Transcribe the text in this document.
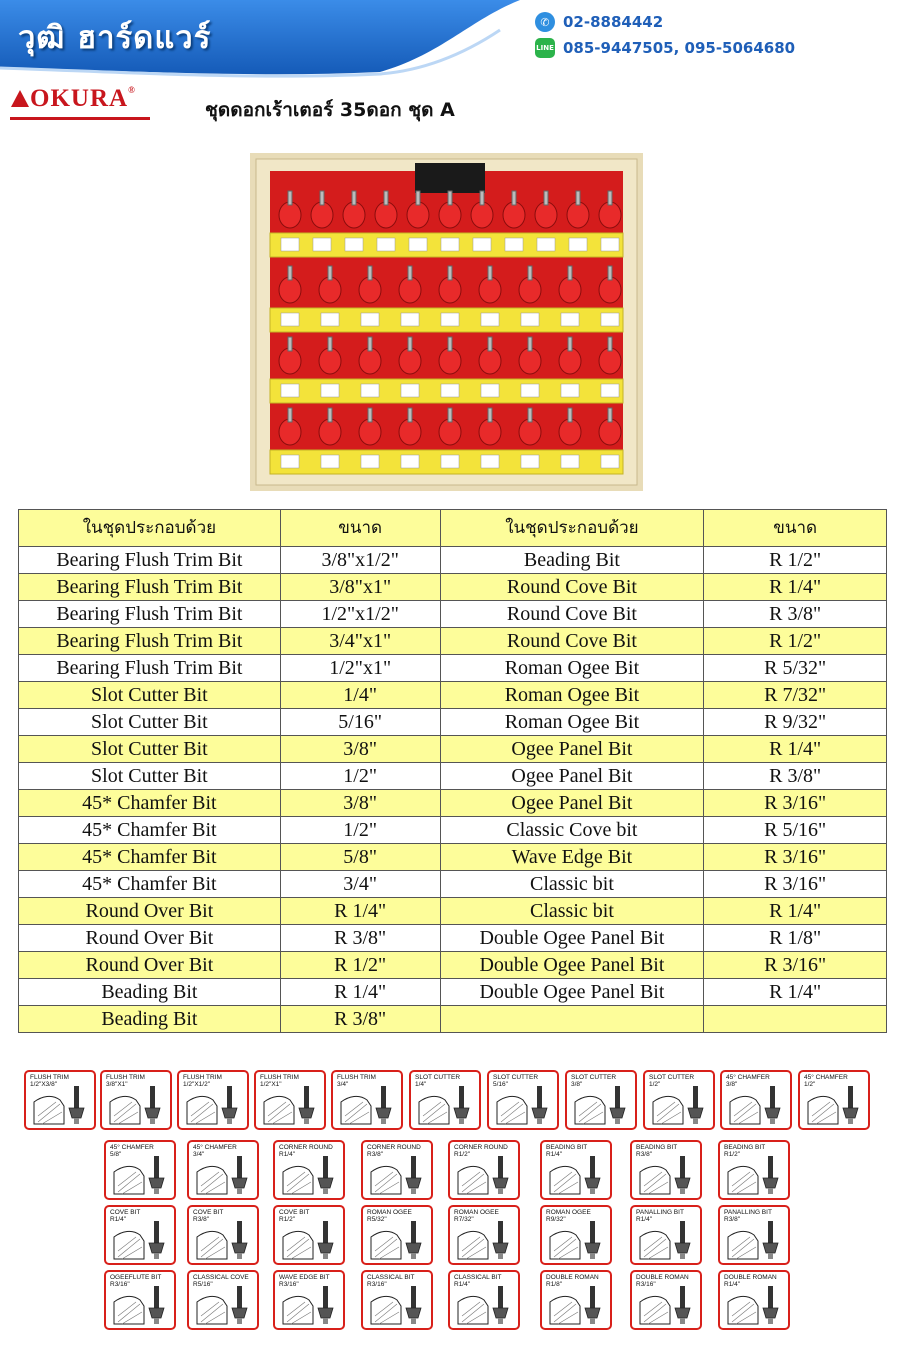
วุฒิ ฮาร์ดแวร์	✆ 02-8884442
LINE 085-9447505, 095-5064680
OKURA®
ชุดดอกเร้าเตอร์ 35ดอก ชุด A
ในชุดประกอบด้วย	ขนาด	ในชุดประกอบด้วย	ขนาด
Bearing Flush Trim Bit	3/8"x1/2"	Beading Bit	R 1/2"
Bearing Flush Trim Bit	3/8"x1"	Round Cove Bit	R 1/4"
Bearing Flush Trim Bit	1/2"x1/2"	Round Cove Bit	R 3/8"
Bearing Flush Trim Bit	3/4"x1"	Round Cove Bit	R 1/2"
Bearing Flush Trim Bit	1/2"x1"	Roman Ogee Bit	R 5/32"
Slot Cutter Bit	1/4"	Roman Ogee Bit	R 7/32"
Slot Cutter Bit	5/16"	Roman Ogee Bit	R 9/32"
Slot Cutter Bit	3/8"	Ogee Panel Bit	R 1/4"
Slot Cutter Bit	1/2"	Ogee Panel Bit	R 3/8"
45* Chamfer Bit	3/8"	Ogee Panel Bit	R 3/16"
45* Chamfer Bit	1/2"	Classic Cove bit	R 5/16"
45* Chamfer Bit	5/8"	Wave Edge Bit	R 3/16"
45* Chamfer Bit	3/4"	Classic bit	R 3/16"
Round Over Bit	R 1/4"	Classic bit	R 1/4"
Round Over Bit	R 3/8"	Double Ogee Panel Bit	R 1/8"
Round Over Bit	R 1/2"	Double Ogee Panel Bit	R 3/16"
Beading Bit	R 1/4"	Double Ogee Panel Bit	R 1/4"
Beading Bit	R 3/8"		
FLUSH TRIM
1/2"X3/8"
FLUSH TRIM
3/8"X1"
FLUSH TRIM
1/2"X1/2"
FLUSH TRIM
1/2"X1"
FLUSH TRIM
3/4"
SLOT CUTTER
1/4"
SLOT CUTTER
5/16"
SLOT CUTTER
3/8"
SLOT CUTTER
1/2"
45° CHAMFER
3/8"
45° CHAMFER
1/2"
45° CHAMFER
5/8"
45° CHAMFER
3/4"
CORNER ROUND
R1/4"
CORNER ROUND
R3/8"
CORNER ROUND
R1/2"
BEADING BIT
R1/4"
BEADING BIT
R3/8"
BEADING BIT
R1/2"
COVE BIT
R1/4"
COVE BIT
R3/8"
COVE BIT
R1/2"
ROMAN OGEE
R5/32"
ROMAN OGEE
R7/32"
ROMAN OGEE
R9/32"
PANALLING BIT
R1/4"
PANALLING BIT
R3/8"
OGEEFLUTE BIT
R3/16"
CLASSICAL COVE
R5/16"
WAVE EDGE BIT
R3/16"
CLASSICAL BIT
R3/16"
CLASSICAL BIT
R1/4"
DOUBLE ROMAN
R1/8"
DOUBLE ROMAN
R3/16"
DOUBLE ROMAN
R1/4"
